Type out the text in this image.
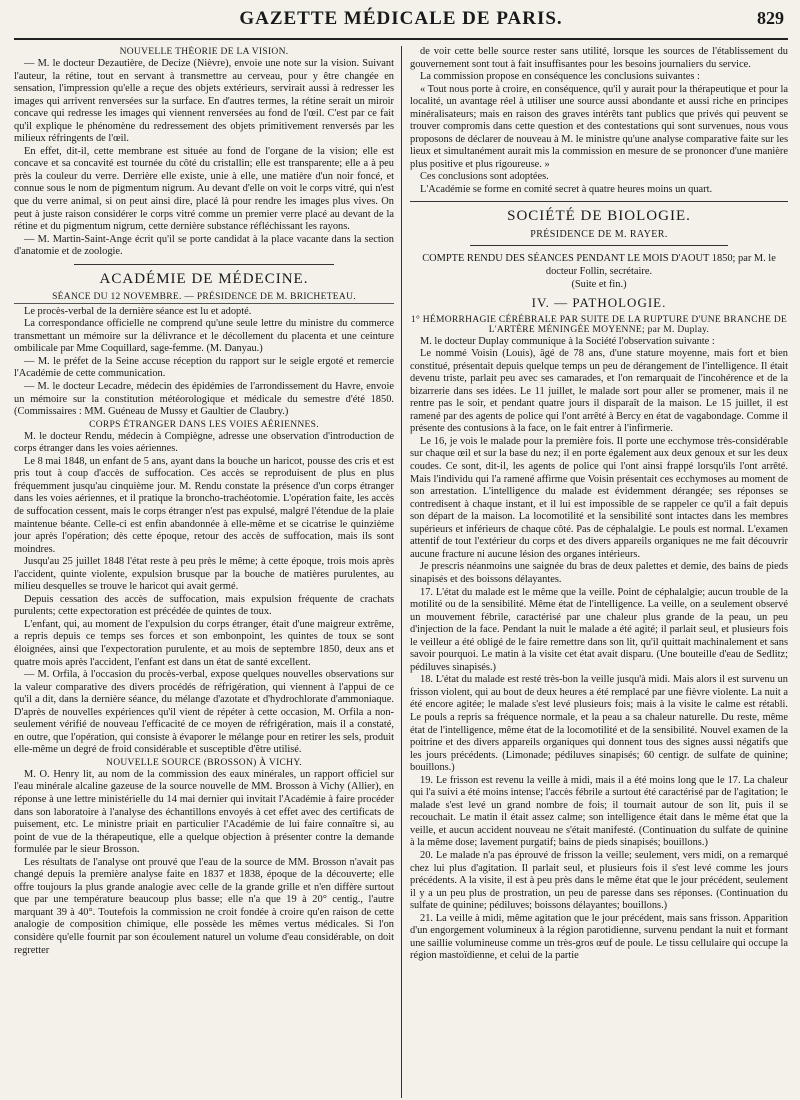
GAZETTE MÉDICALE DE PARIS.	829
NOUVELLE THÉORIE DE LA VISION.

— M. le docteur Dezautière, de Decize (Nièvre), envoie une note sur la vision. Suivant l'auteur, la rétine, tout en servant à transmettre au cerveau, pour y être changée en sensation, l'impression qu'elle a reçue des objets extérieurs, servirait aussi à redresser les images qui arrivent renversées sur la surface. En d'autres termes, la rétine serait un miroir concave qui redresse les images qui viennent renversées au fond de l'œil. C'est par ce fait qu'il explique le phénomène du redressement des objets primitivement renversés par les milieux réfringents de l'œil.

En effet, dit-il, cette membrane est située au fond de l'organe de la vision; elle est concave et sa concavité est tournée du côté du cristallin; elle est transparente; elle a à peu près la couleur du verre. Derrière elle existe, unie à elle, une matière d'un noir foncé, et connue sous le nom de pigmentum nigrum. Au devant d'elle on voit le corps vitré, qui n'est que du verre animal, si on peut ainsi dire, placé là pour rendre les images plus vives. On peut à juste raison considérer le corps vitré comme un premier verre placé au devant de la rétine et du pigmentum nigrum, cette dernière substance réfléchissant les rayons.

— M. Martin-Saint-Ange écrit qu'il se porte candidat à la place vacante dans la section d'anatomie et de zoologie.

ACADÉMIE DE MÉDECINE.
SÉANCE DU 12 NOVEMBRE. — PRÉSIDENCE DE M. BRICHETEAU.

Le procès-verbal de la dernière séance est lu et adopté.

La correspondance officielle ne comprend qu'une seule lettre du ministre du commerce transmettant un mémoire sur la délivrance et le décollement du placenta et une ceinture ombilicale par Mme Coquillard, sage-femme. (M. Danyau.)

— M. le préfet de la Seine accuse réception du rapport sur le seigle ergoté et remercie l'Académie de cette communication.

— M. le docteur Lecadre, médecin des épidémies de l'arrondissement du Havre, envoie un mémoire sur la constitution météorologique et médicale du semestre d'été 1850. (Commissaires : MM. Guéneau de Mussy et Gaultier de Claubry.)

CORPS ÉTRANGER DANS LES VOIES AÉRIENNES.

M. le docteur Rendu, médecin à Compiègne, adresse une observation d'introduction de corps étranger dans les voies aériennes.

Le 8 mai 1848, un enfant de 5 ans, ayant dans la bouche un haricot, pousse des cris et est pris tout à coup d'accès de suffocation. Ces accès se reproduisent de plus en plus fréquemment jusqu'au cinquième jour. M. Rendu constate la présence d'un corps étranger dans les voies aériennes, et il pratique la broncho-trachéotomie. L'opération faite, les accès de suffocation cessent, mais le corps étranger n'est pas expulsé, malgré l'étendue de la plaie maintenue béante. Celle-ci est enfin abandonnée à elle-même et se cicatrise le quinzième jour après l'opération; dès cette époque, retour des accès de suffocation, mais ils sont moindres.

Jusqu'au 25 juillet 1848 l'état reste à peu près le même; à cette époque, trois mois après l'accident, quinte violente, expulsion brusque par la bouche de matières purulentes, au milieu desquelles se trouve le haricot qui avait germé.

Depuis cessation des accès de suffocation, mais expulsion fréquente de crachats purulents; cette expectoration est précédée de quintes de toux.

L'enfant, qui, au moment de l'expulsion du corps étranger, était d'une maigreur extrême, a repris depuis ce temps ses forces et son embonpoint, les quintes de toux se sont éloignées, ainsi que l'expectoration purulente, et au mois de septembre 1850, deux ans et quatre mois après l'accident, l'enfant est dans un état de santé excellent.

— M. Orfila, à l'occasion du procès-verbal, expose quelques nouvelles observations sur la valeur comparative des divers procédés de réfrigération, qui viennent à l'appui de ce qu'il a dit, dans la dernière séance, du mélange d'azotate et d'hydrochlorate d'ammoniaque. D'après de nouvelles expériences qu'il vient de répéter à cette occasion, M. Orfila a non-seulement vérifié de nouveau l'efficacité de ce moyen de réfrigération, mais il a constaté, en outre, que l'opération, qui consiste à évaporer le mélange pour en retirer les sels, produit elle-même un degré de froid considérable et susceptible d'être utilisé.

NOUVELLE SOURCE (BROSSON) À VICHY.

M. O. Henry lit, au nom de la commission des eaux minérales, un rapport officiel sur l'eau minérale alcaline gazeuse de la source nouvelle de MM. Brosson à Vichy (Allier), en réponse à une lettre ministérielle du 14 mai dernier qui invitait l'Académie à faire procéder dans son laboratoire à l'analyse des échantillons envoyés à cet effet avec des certificats de puisement, etc. Le ministre priait en particulier l'Académie de lui faire connaître si, au point de vue de la thérapeutique, elle a quelque objection à présenter contre la demande formulée par le sieur Brosson.

Les résultats de l'analyse ont prouvé que l'eau de la source de MM. Brosson n'avait pas changé depuis la première analyse faite en 1837 et 1838, époque de la découverte; elle offre toujours la plus grande analogie avec celle de la grande grille et n'en diffère surtout que par une température beaucoup plus basse; elle n'a que 19 à 20° centig., l'autre marquant 39 à 40°. Toutefois la commission ne croit fondée à croire qu'en raison de cette analogie de composition chimique, elle possède les mêmes vertus médicales. Si l'on considère qu'elle fournit par son écoulement naturel un volume d'eau considérable, on doit regretter

de voir cette belle source rester sans utilité, lorsque les sources de l'établissement du gouvernement sont tout à fait insuffisantes pour les besoins journaliers du service.

La commission propose en conséquence les conclusions suivantes :

« Tout nous porte à croire, en conséquence, qu'il y aurait pour la thérapeutique et pour la localité, un avantage réel à utiliser une source aussi abondante et aussi riche en principes minéralisateurs; mais en raison des graves intérêts tant publics que privés qui peuvent se trouver compromis dans cette question et des contestations qui sont survenues, nous vous proposons de déclarer de nouveau à M. le ministre qu'une analyse comparative faite sur les lieux et simultanément aurait mis la commission en mesure de se prononcer d'une manière plus positive et plus rigoureuse. »

Ces conclusions sont adoptées.

L'Académie se forme en comité secret à quatre heures moins un quart.

SOCIÉTÉ DE BIOLOGIE.
PRÉSIDENCE DE M. RAYER.
COMPTE RENDU DES SÉANCES PENDANT LE MOIS D'AOUT 1850; par M. le docteur Follin, secrétaire.
(Suite et fin.)
IV. — PATHOLOGIE.
1° HÉMORRHAGIE CÉRÉBRALE PAR SUITE DE LA RUPTURE D'UNE BRANCHE DE L'ARTÈRE MÉNINGÉE MOYENNE; par M. Duplay.

M. le docteur Duplay communique à la Société l'observation suivante :

Le nommé Voisin (Louis), âgé de 78 ans, d'une stature moyenne, mais fort et bien constitué, présentait depuis quelque temps un peu de dérangement de l'intelligence. Il était devenu triste, parlait peu avec ses camarades, et l'on remarquait de l'incohérence et de la bizarrerie dans ses idées. Le 11 juillet, le malade sort pour aller se promener, mais il ne rentre pas le soir, et pendant quatre jours il disparaît de la maison. Le 15 juillet, il est ramené par des agents de police qui l'ont arrêté à Bercy en état de vagabondage. Comme il présente des contusions à la face, on le fait entrer à l'infirmerie.

Le 16, je vois le malade pour la première fois. Il porte une ecchymose très-considérable sur chaque œil et sur la base du nez; il en porte également aux deux genoux et sur les deux coudes. Ce sont, dit-il, les agents de police qui l'ont ainsi frappé lorsqu'ils l'ont arrêté. Mais l'individu qui l'a ramené affirme que Voisin présentait ces ecchymoses au moment de son arrestation. L'intelligence du malade est évidemment dérangée; ses réponses se contredisent à chaque instant, et il lui est impossible de se rappeler ce qu'il a fait depuis son départ de la maison. La locomotilité et la sensibilité sont intactes dans les membres supérieurs et inférieurs de chaque côté. Pas de céphalalgie. Le pouls est normal. L'examen attentif de tout l'extérieur du corps et des divers appareils organiques ne me fait découvrir aucune fracture ni aucune lésion des organes intérieurs.

Je prescris néanmoins une saignée du bras de deux palettes et demie, des bains de pieds sinapisés et des boissons délayantes.

17. L'état du malade est le même que la veille. Point de céphalalgie; aucun trouble de la motilité ou de la sensibilité. Même état de l'intelligence. La veille, on a seulement observé un mouvement fébrile, caractérisé par une chaleur plus grande de la peau, un peu d'injection de la face. Pendant la nuit le malade a été agité; il parlait seul, et plusieurs fois le veilleur a été obligé de le faire remettre dans son lit, qu'il quittait machinalement et sans savoir pourquoi. Le matin à la visite cet état avait disparu. (Une bouteille d'eau de Sedlitz; pédiluves sinapisés.)

18. L'état du malade est resté très-bon la veille jusqu'à midi. Mais alors il est survenu un frisson violent, qui au bout de deux heures a été remplacé par une fièvre violente. La nuit a été encore agitée; le malade s'est levé plusieurs fois; mais à la visite le calme est rétabli. Le pouls a repris sa fréquence normale, et la peau a sa chaleur naturelle. Du reste, même état de l'intelligence, même état de la locomotilité et de la sensibilité. Nouvel examen de la poitrine et des divers appareils organiques qui donnent tous des signes aussi négatifs que les jours précédents. (Limonade; pédiluves sinapisés; 60 centigr. de sulfate de quinine; bouillons.)

19. Le frisson est revenu la veille à midi, mais il a été moins long que le 17. La chaleur qui l'a suivi a été moins intense; l'accès fébrile a surtout été caractérisé par de l'agitation; le malade s'est levé un grand nombre de fois; il tournait autour de son lit, puis il se recouchait. Le matin il était assez calme; son intelligence était dans le même état que la veille, et aucun accident nouveau ne s'était manifesté. (Continuation du sulfate de quinine à la même dose; lavement purgatif; bains de pieds sinapisés; bouillons.)

20. Le malade n'a pas éprouvé de frisson la veille; seulement, vers midi, on a remarqué chez lui plus d'agitation. Il parlait seul, et plusieurs fois il s'est levé comme les jours précédents. A la visite, il est à peu près dans le même état que le jour précédent, seulement il y a un peu plus de prostration, un peu de paresse dans ses réponses. (Continuation du sulfate de quinine; pédiluves; boissons délayantes; bouillons.)

21. La veille à midi, même agitation que le jour précédent, mais sans frisson. Apparition d'un engorgement volumineux à la région parotidienne, survenu pendant la nuit et formant une saillie volumineuse comme un très-gros œuf de poule. Le tissu cellulaire qui occupe la région mastoïdienne, et celui de la partie
